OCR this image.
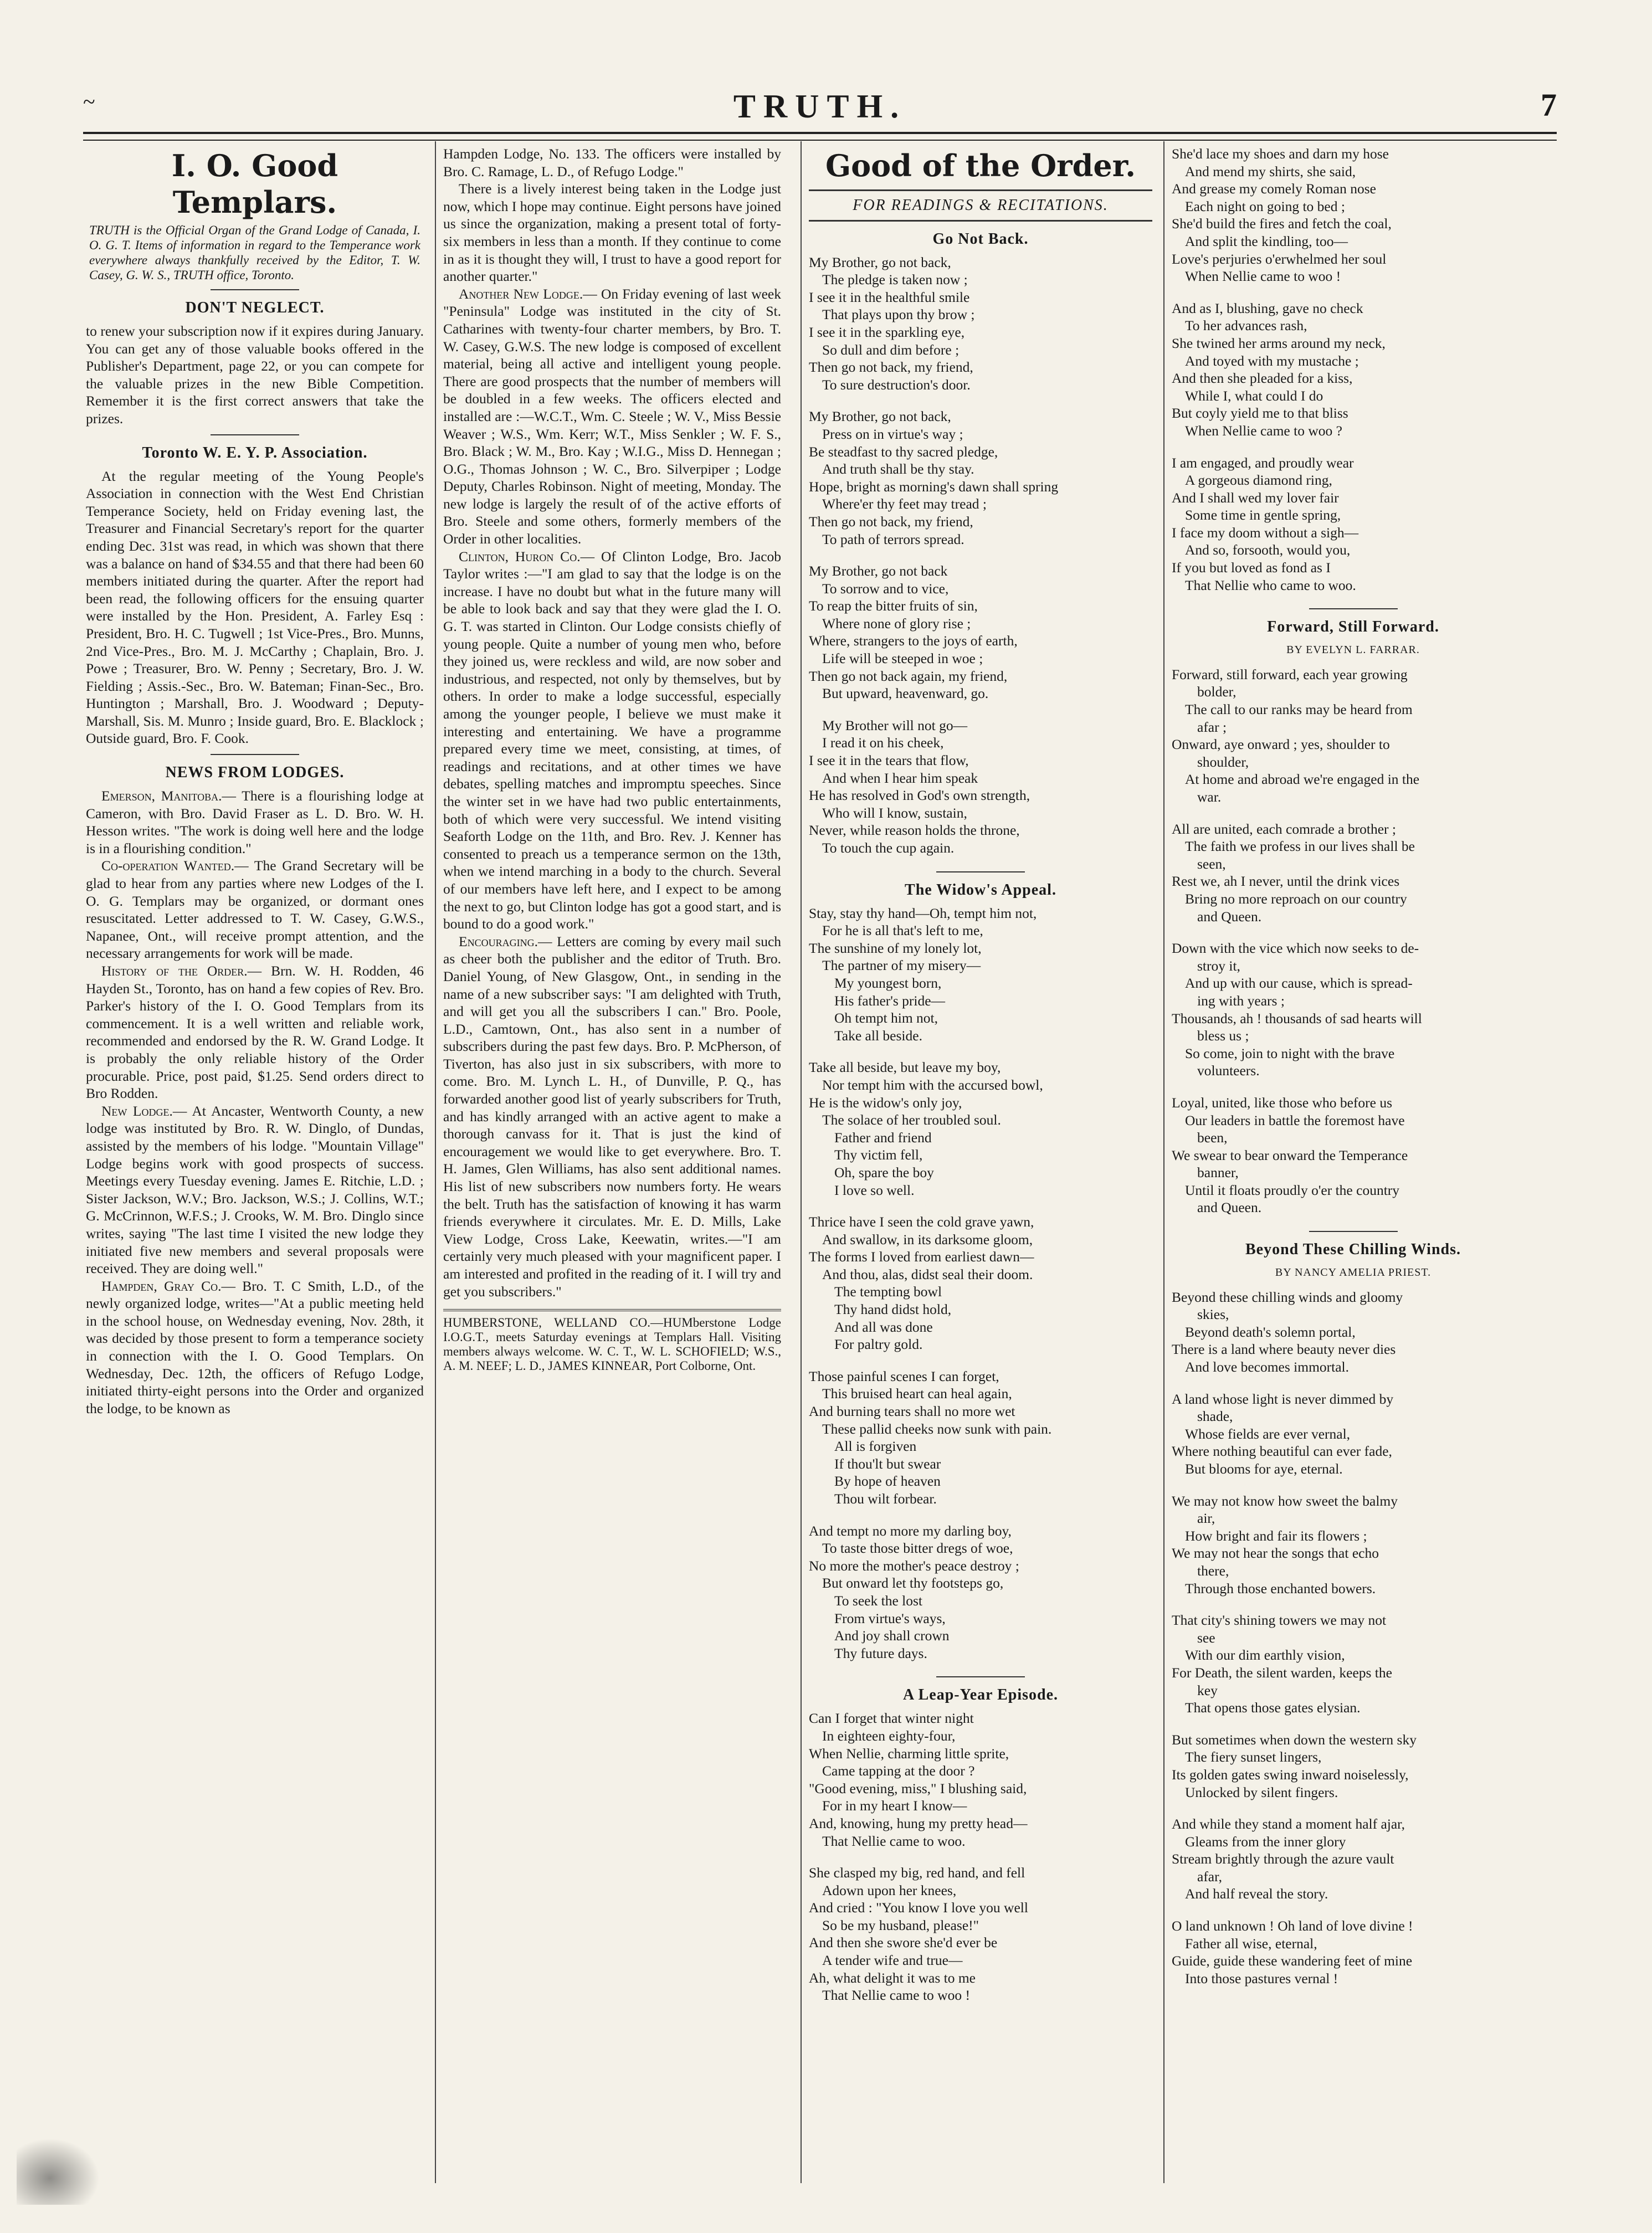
~	TRUTH.	7
I. O. Good Templars.
TRUTH is the Official Organ of the Grand Lodge of Canada, I. O. G. T. Items of information in regard to the Temperance work everywhere always thankfully received by the Editor, T. W. Casey, G. W. S., TRUTH office, Toronto.
DON'T NEGLECT.

to renew your subscription now if it expires during January. You can get any of those valuable books offered in the Publisher's Department, page 22, or you can compete for the valuable prizes in the new Bible Competition. Remember it is the first correct answers that take the prizes.

Toronto W. E. Y. P. Association.

At the regular meeting of the Young People's Association in connection with the West End Christian Temperance Society, held on Friday evening last, the Treasurer and Financial Secretary's report for the quarter ending Dec. 31st was read, in which was shown that there was a balance on hand of $34.55 and that there had been 60 members initiated during the quarter. After the report had been read, the following officers for the ensuing quarter were installed by the Hon. President, A. Farley Esq : President, Bro. H. C. Tugwell ; 1st Vice-Pres., Bro. Munns, 2nd Vice-Pres., Bro. M. J. McCarthy ; Chaplain, Bro. J. Powe ; Treasurer, Bro. W. Penny ; Secretary, Bro. J. W. Fielding ; Assis.-Sec., Bro. W. Bateman; Finan-Sec., Bro. Huntington ; Marshall, Bro. J. Woodward ; Deputy-Marshall, Sis. M. Munro ; Inside guard, Bro. E. Blacklock ; Outside guard, Bro. F. Cook.

NEWS FROM LODGES.

Emerson, Manitoba.— There is a flourishing lodge at Cameron, with Bro. David Fraser as L. D. Bro. W. H. Hesson writes. "The work is doing well here and the lodge is in a flourishing condition."

Co-operation Wanted.— The Grand Secretary will be glad to hear from any parties where new Lodges of the I. O. G. Templars may be organized, or dormant ones resuscitated. Letter addressed to T. W. Casey, G.W.S., Napanee, Ont., will receive prompt attention, and the necessary arrangements for work will be made.

History of the Order.— Brn. W. H. Rodden, 46 Hayden St., Toronto, has on hand a few copies of Rev. Bro. Parker's history of the I. O. Good Templars from its commencement. It is a well written and reliable work, recommended and endorsed by the R. W. Grand Lodge. It is probably the only reliable history of the Order procurable. Price, post paid, $1.25. Send orders direct to Bro Rodden.

New Lodge.— At Ancaster, Wentworth County, a new lodge was instituted by Bro. R. W. Dinglo, of Dundas, assisted by the members of his lodge. "Mountain Village" Lodge begins work with good prospects of success. Meetings every Tuesday evening. James E. Ritchie, L.D. ; Sister Jackson, W.V.; Bro. Jackson, W.S.; J. Collins, W.T.; G. McCrinnon, W.F.S.; J. Crooks, W. M. Bro. Dinglo since writes, saying "The last time I visited the new lodge they initiated five new members and several proposals were received. They are doing well."

Hampden, Gray Co.— Bro. T. C Smith, L.D., of the newly organized lodge, writes—"At a public meeting held in the school house, on Wednesday evening, Nov. 28th, it was decided by those present to form a temperance society in connection with the I. O. Good Templars. On Wednesday, Dec. 12th, the officers of Refugo Lodge, initiated thirty-eight persons into the Order and organized the lodge, to be known as

Hampden Lodge, No. 133. The officers were installed by Bro. C. Ramage, L. D., of Refugo Lodge."

There is a lively interest being taken in the Lodge just now, which I hope may continue. Eight persons have joined us since the organization, making a present total of forty-six members in less than a month. If they continue to come in as it is thought they will, I trust to have a good report for another quarter."

Another New Lodge.— On Friday evening of last week "Peninsula" Lodge was instituted in the city of St. Catharines with twenty-four charter members, by Bro. T. W. Casey, G.W.S. The new lodge is composed of excellent material, being all active and intelligent young people. There are good prospects that the number of members will be doubled in a few weeks. The officers elected and installed are :—W.C.T., Wm. C. Steele ; W. V., Miss Bessie Weaver ; W.S., Wm. Kerr; W.T., Miss Senkler ; W. F. S., Bro. Black ; W. M., Bro. Kay ; W.I.G., Miss D. Hennegan ; O.G., Thomas Johnson ; W. C., Bro. Silverpiper ; Lodge Deputy, Charles Robinson. Night of meeting, Monday. The new lodge is largely the result of of the active efforts of Bro. Steele and some others, formerly members of the Order in other localities.

Clinton, Huron Co.— Of Clinton Lodge, Bro. Jacob Taylor writes :—"I am glad to say that the lodge is on the increase. I have no doubt but what in the future many will be able to look back and say that they were glad the I. O. G. T. was started in Clinton. Our Lodge consists chiefly of young people. Quite a number of young men who, before they joined us, were reckless and wild, are now sober and industrious, and respected, not only by themselves, but by others. In order to make a lodge successful, especially among the younger people, I believe we must make it interesting and entertaining. We have a programme prepared every time we meet, consisting, at times, of readings and recitations, and at other times we have debates, spelling matches and impromptu speeches. Since the winter set in we have had two public entertainments, both of which were very successful. We intend visiting Seaforth Lodge on the 11th, and Bro. Rev. J. Kenner has consented to preach us a temperance sermon on the 13th, when we intend marching in a body to the church. Several of our members have left here, and I expect to be among the next to go, but Clinton lodge has got a good start, and is bound to do a good work."

Encouraging.— Letters are coming by every mail such as cheer both the publisher and the editor of Truth. Bro. Daniel Young, of New Glasgow, Ont., in sending in the name of a new subscriber says: "I am delighted with Truth, and will get you all the subscribers I can." Bro. Poole, L.D., Camtown, Ont., has also sent in a number of subscribers during the past few days. Bro. P. McPherson, of Tiverton, has also just in six subscribers, with more to come. Bro. M. Lynch L. H., of Dunville, P. Q., has forwarded another good list of yearly subscribers for Truth, and has kindly arranged with an active agent to make a thorough canvass for it. That is just the kind of encouragement we would like to get everywhere. Bro. T. H. James, Glen Williams, has also sent additional names. His list of new subscribers now numbers forty. He wears the belt. Truth has the satisfaction of knowing it has warm friends everywhere it circulates. Mr. E. D. Mills, Lake View Lodge, Cross Lake, Keewatin, writes.—"I am certainly very much pleased with your magnificent paper. I am interested and profited in the reading of it. I will try and get you subscribers."

HUMBERSTONE, WELLAND CO.—HUMberstone Lodge I.O.G.T., meets Saturday evenings at Templars Hall. Visiting members always welcome. W. C. T., W. L. SCHOFIELD; W.S., A. M. NEEF; L. D., JAMES KINNEAR, Port Colborne, Ont.
Good of the Order.
FOR READINGS & RECITATIONS.
Go Not Back.
My Brother, go not back,
The pledge is taken now ;
I see it in the healthful smile
That plays upon thy brow ;
I see it in the sparkling eye,
So dull and dim before ;
Then go not back, my friend,
To sure destruction's door.
My Brother, go not back,
Press on in virtue's way ;
Be steadfast to thy sacred pledge,
And truth shall be thy stay.
Hope, bright as morning's dawn shall spring
Where'er thy feet may tread ;
Then go not back, my friend,
To path of terrors spread.
My Brother, go not back
To sorrow and to vice,
To reap the bitter fruits of sin,
Where none of glory rise ;
Where, strangers to the joys of earth,
Life will be steeped in woe ;
Then go not back again, my friend,
But upward, heavenward, go.
My Brother will not go—
I read it on his cheek,
I see it in the tears that flow,
And when I hear him speak
He has resolved in God's own strength,
Who will I know, sustain,
Never, while reason holds the throne,
To touch the cup again.
The Widow's Appeal.
Stay, stay thy hand—Oh, tempt him not,
For he is all that's left to me,
The sunshine of my lonely lot,
The partner of my misery—
My youngest born,
His father's pride—
Oh tempt him not,
Take all beside.
Take all beside, but leave my boy,
Nor tempt him with the accursed bowl,
He is the widow's only joy,
The solace of her troubled soul.
Father and friend
Thy victim fell,
Oh, spare the boy
I love so well.
Thrice have I seen the cold grave yawn,
And swallow, in its darksome gloom,
The forms I loved from earliest dawn—
And thou, alas, didst seal their doom.
The tempting bowl
Thy hand didst hold,
And all was done
For paltry gold.
Those painful scenes I can forget,
This bruised heart can heal again,
And burning tears shall no more wet
These pallid cheeks now sunk with pain.
All is forgiven
If thou'lt but swear
By hope of heaven
Thou wilt forbear.
And tempt no more my darling boy,
To taste those bitter dregs of woe,
No more the mother's peace destroy ;
But onward let thy footsteps go,
To seek the lost
From virtue's ways,
And joy shall crown
Thy future days.
A Leap-Year Episode.
Can I forget that winter night
In eighteen eighty-four,
When Nellie, charming little sprite,
Came tapping at the door ?
"Good evening, miss," I blushing said,
For in my heart I know—
And, knowing, hung my pretty head—
That Nellie came to woo.
She clasped my big, red hand, and fell
Adown upon her knees,
And cried : "You know I love you well
So be my husband, please!"
And then she swore she'd ever be
A tender wife and true—
Ah, what delight it was to me
That Nellie came to woo !
She'd lace my shoes and darn my hose
And mend my shirts, she said,
And grease my comely Roman nose
Each night on going to bed ;
She'd build the fires and fetch the coal,
And split the kindling, too—
Love's perjuries o'erwhelmed her soul
When Nellie came to woo !
And as I, blushing, gave no check
To her advances rash,
She twined her arms around my neck,
And toyed with my mustache ;
And then she pleaded for a kiss,
While I, what could I do
But coyly yield me to that bliss
When Nellie came to woo ?
I am engaged, and proudly wear
A gorgeous diamond ring,
And I shall wed my lover fair
Some time in gentle spring,
I face my doom without a sigh—
And so, forsooth, would you,
If you but loved as fond as I
That Nellie who came to woo.
Forward, Still Forward.
BY EVELYN L. FARRAR.
Forward, still forward, each year growing
bolder,
The call to our ranks may be heard from
afar ;
Onward, aye onward ; yes, shoulder to
shoulder,
At home and abroad we're engaged in the
war.
All are united, each comrade a brother ;
The faith we profess in our lives shall be
seen,
Rest we, ah I never, until the drink vices
Bring no more reproach on our country
and Queen.
Down with the vice which now seeks to de-
stroy it,
And up with our cause, which is spread-
ing with years ;
Thousands, ah ! thousands of sad hearts will
bless us ;
So come, join to night with the brave
volunteers.
Loyal, united, like those who before us
Our leaders in battle the foremost have
been,
We swear to bear onward the Temperance
banner,
Until it floats proudly o'er the country
and Queen.
Beyond These Chilling Winds.
BY NANCY AMELIA PRIEST.
Beyond these chilling winds and gloomy
skies,
Beyond death's solemn portal,
There is a land where beauty never dies
And love becomes immortal.
A land whose light is never dimmed by
shade,
Whose fields are ever vernal,
Where nothing beautiful can ever fade,
But blooms for aye, eternal.
We may not know how sweet the balmy
air,
How bright and fair its flowers ;
We may not hear the songs that echo
there,
Through those enchanted bowers.
That city's shining towers we may not
see
With our dim earthly vision,
For Death, the silent warden, keeps the
key
That opens those gates elysian.
But sometimes when down the western sky
The fiery sunset lingers,
Its golden gates swing inward noiselessly,
Unlocked by silent fingers.
And while they stand a moment half ajar,
Gleams from the inner glory
Stream brightly through the azure vault
afar,
And half reveal the story.
O land unknown ! Oh land of love divine !
Father all wise, eternal,
Guide, guide these wandering feet of mine
Into those pastures vernal !
